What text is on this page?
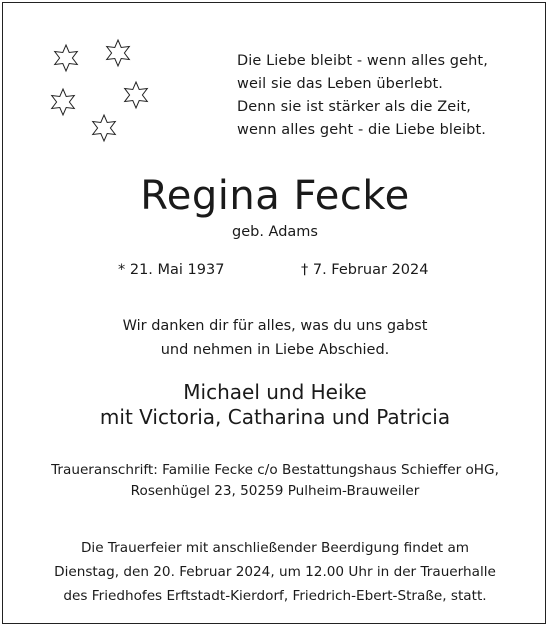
Die Liebe bleibt - wenn alles geht,
weil sie das Leben überlebt.
Denn sie ist stärker als die Zeit,
wenn alles geht - die Liebe bleibt.
Regina Fecke
geb. Adams
* 21. Mai 1937	† 7. Februar 2024
Wir danken dir für alles, was du uns gabst
und nehmen in Liebe Abschied.
Michael und Heike
mit Victoria, Catharina und Patricia
Traueranschrift: Familie Fecke c/o Bestattungshaus Schieffer oHG,
Rosenhügel 23, 50259 Pulheim-Brauweiler
Die Trauerfeier mit anschließender Beerdigung findet am
Dienstag, den 20. Februar 2024, um 12.00 Uhr in der Trauerhalle
des Friedhofes Erftstadt-Kierdorf, Friedrich-Ebert-Straße, statt.
